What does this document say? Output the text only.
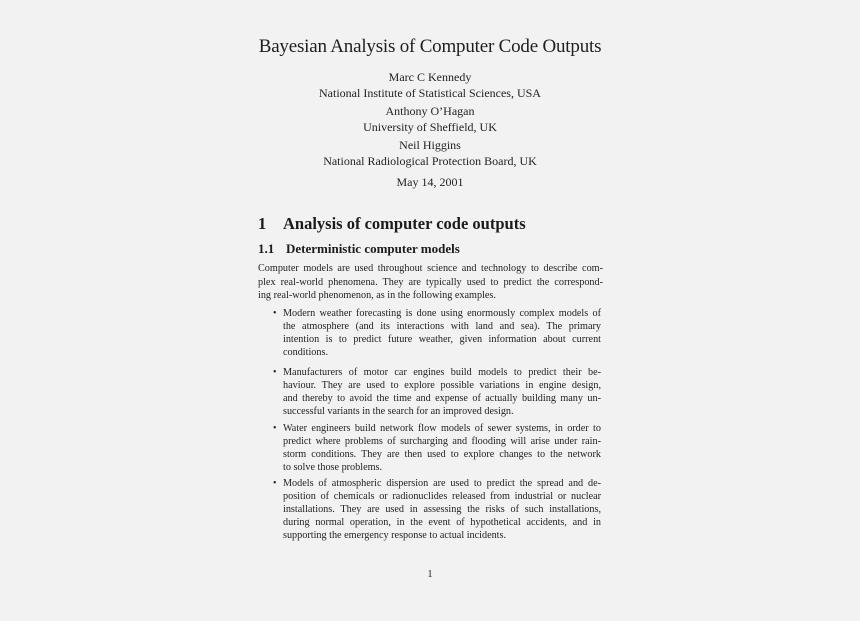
Bayesian Analysis of Computer Code Outputs
Marc C Kennedy
National Institute of Statistical Sciences, USA
Anthony O’Hagan
University of Sheffield, UK
Neil Higgins
National Radiological Protection Board, UK
May 14, 2001
1 Analysis of computer code outputs
1.1 Deterministic computer models
Computer models are used throughout science and technology to describe com-
plex real-world phenomena. They are typically used to predict the correspond-
ing real-world phenomenon, as in the following examples.
• Modern weather forecasting is done using enormously complex models of
the atmosphere (and its interactions with land and sea). The primary
intention is to predict future weather, given information about current
conditions.
• Manufacturers of motor car engines build models to predict their be-
haviour. They are used to explore possible variations in engine design,
and thereby to avoid the time and expense of actually building many un-
successful variants in the search for an improved design.
• Water engineers build network flow models of sewer systems, in order to
predict where problems of surcharging and flooding will arise under rain-
storm conditions. They are then used to explore changes to the network
to solve those problems.
• Models of atmospheric dispersion are used to predict the spread and de-
position of chemicals or radionuclides released from industrial or nuclear
installations. They are used in assessing the risks of such installations,
during normal operation, in the event of hypothetical accidents, and in
supporting the emergency response to actual incidents.
1
